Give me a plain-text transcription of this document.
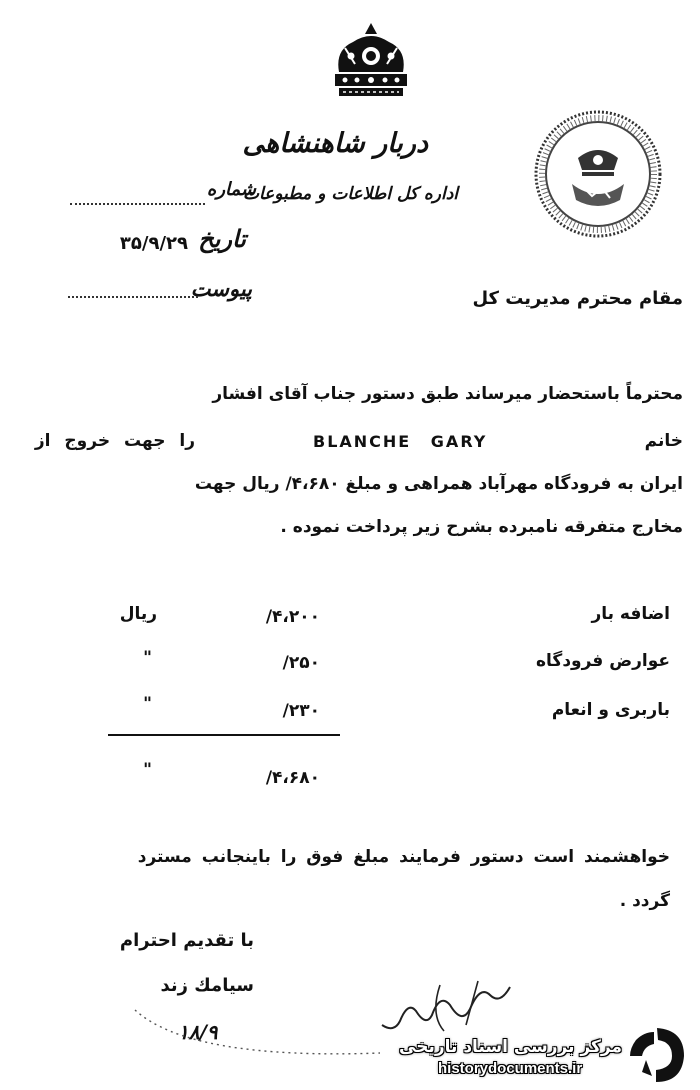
دربار شاهنشاهی
اداره کل اطلاعات و مطبوعات
شماره
تاریخ
۳۵/۹/۲۹
پیوست	مقام محترم مدیریت کل
محترماً باستحضار میرساند طبق دستور جناب آقای افشار
خانم
BLANCHE GARY
را جهت خروج از
ایران به فرودگاه مهرآباد همراهی و مبلغ ۴،۶۸۰/ ریال جهت
مخارج متفرقه نامبرده بشرح زیر پرداخت نموده .
اضافه بار
۴،۲۰۰/
ریال
عوارض فرودگاه
۲۵۰/
"
باربری و انعام
۲۳۰/
"
۴،۶۸۰/
"
خواهشمند است دستور فرمایند مبلغ فوق را باینجانب مسترد
گردد .
با تقدیم احترام
سیامك زند
۱۸/۹
مرکز بررسی اسناد تاریخی
historydocuments.ir
